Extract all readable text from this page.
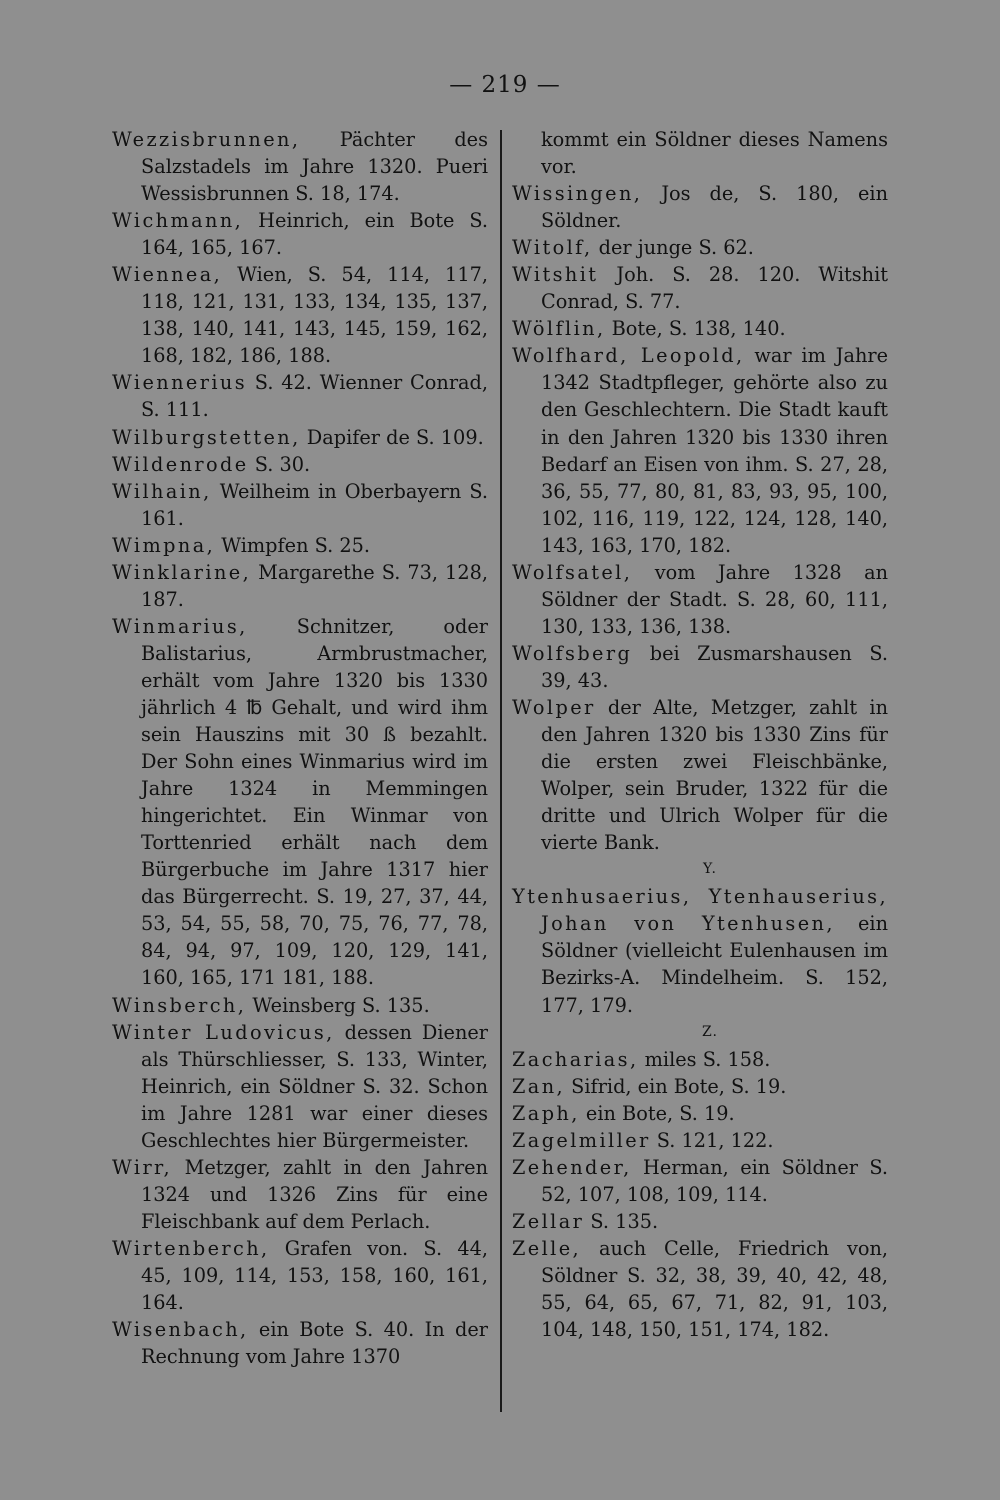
— 219 —

Wezzisbrunnen, Pächter des Salzstadels im Jahre 1320. Pueri Wessisbrunnen S. 18, 174.

Wichmann, Heinrich, ein Bote S. 164, 165, 167.

Wiennea, Wien, S. 54, 114, 117, 118, 121, 131, 133, 134, 135, 137, 138, 140, 141, 143, 145, 159, 162, 168, 182, 186, 188.

Wiennerius S. 42. Wienner Conrad, S. 111.

Wilburgstetten, Dapifer de S. 109.

Wildenrode S. 30.

Wilhain, Weilheim in Oberbayern S. 161.

Wimpna, Wimpfen S. 25.

Winklarine, Margarethe S. 73, 128, 187.

Winmarius, Schnitzer, oder Balistarius, Armbrustmacher, erhält vom Jahre 1320 bis 1330 jährlich 4 ℔ Gehalt, und wird ihm sein Hauszins mit 30 ß bezahlt. Der Sohn eines Winmarius wird im Jahre 1324 in Memmingen hingerichtet. Ein Winmar von Torttenried erhält nach dem Bürgerbuche im Jahre 1317 hier das Bürgerrecht. S. 19, 27, 37, 44, 53, 54, 55, 58, 70, 75, 76, 77, 78, 84, 94, 97, 109, 120, 129, 141, 160, 165, 171 181, 188.

Winsberch, Weinsberg S. 135.

Winter Ludovicus, dessen Diener als Thürschliesser, S. 133, Winter, Heinrich, ein Söldner S. 32. Schon im Jahre 1281 war einer dieses Geschlechtes hier Bürgermeister.

Wirr, Metzger, zahlt in den Jahren 1324 und 1326 Zins für eine Fleischbank auf dem Perlach.

Wirtenberch, Grafen von. S. 44, 45, 109, 114, 153, 158, 160, 161, 164.

Wisenbach, ein Bote S. 40. In der Rechnung vom Jahre 1370

kommt ein Söldner dieses Namens vor.

Wissingen, Jos de, S. 180, ein Söldner.

Witolf, der junge S. 62.

Witshit Joh. S. 28. 120. Witshit Conrad, S. 77.

Wölflin, Bote, S. 138, 140.

Wolfhard, Leopold, war im Jahre 1342 Stadtpfleger, gehörte also zu den Geschlechtern. Die Stadt kauft in den Jahren 1320 bis 1330 ihren Bedarf an Eisen von ihm. S. 27, 28, 36, 55, 77, 80, 81, 83, 93, 95, 100, 102, 116, 119, 122, 124, 128, 140, 143, 163, 170, 182.

Wolfsatel, vom Jahre 1328 an Söldner der Stadt. S. 28, 60, 111, 130, 133, 136, 138.

Wolfsberg bei Zusmarshausen S. 39, 43.

Wolper der Alte, Metzger, zahlt in den Jahren 1320 bis 1330 Zins für die ersten zwei Fleischbänke, Wolper, sein Bruder, 1322 für die dritte und Ulrich Wolper für die vierte Bank.

Y.

Ytenhusaerius, Ytenhauserius, Johan von Ytenhusen, ein Söldner (vielleicht Eulenhausen im Bezirks-A. Mindelheim. S. 152, 177, 179.

Z.

Zacharias, miles S. 158.

Zan, Sifrid, ein Bote, S. 19.

Zaph, ein Bote, S. 19.

Zagelmiller S. 121, 122.

Zehender, Herman, ein Söldner S. 52, 107, 108, 109, 114.

Zellar S. 135.

Zelle, auch Celle, Friedrich von, Söldner S. 32, 38, 39, 40, 42, 48, 55, 64, 65, 67, 71, 82, 91, 103, 104, 148, 150, 151, 174, 182.
